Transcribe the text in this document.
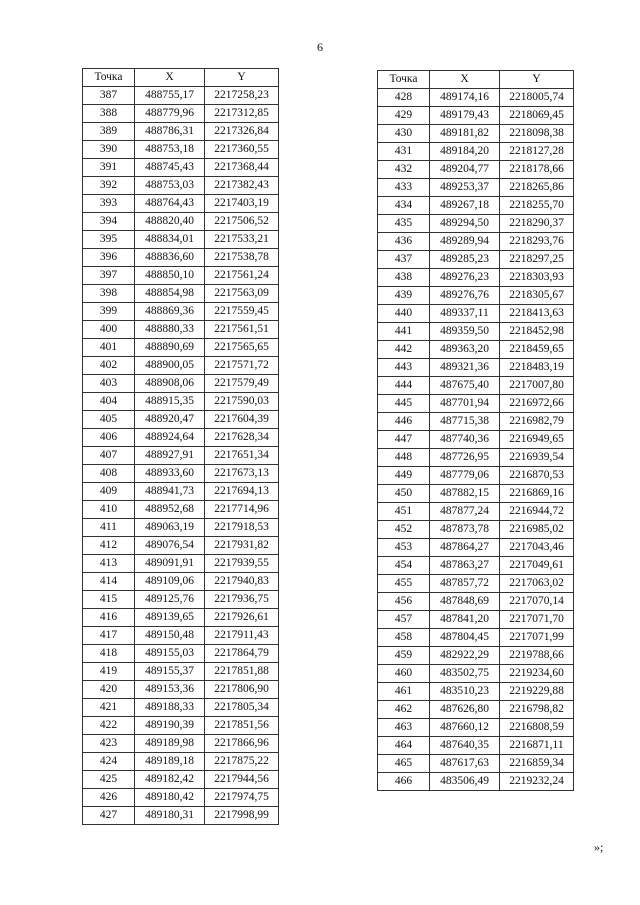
6
Точка	X	Y
387	488755,17	2217258,23
388	488779,96	2217312,85
389	488786,31	2217326,84
390	488753,18	2217360,55
391	488745,43	2217368,44
392	488753,03	2217382,43
393	488764,43	2217403,19
394	488820,40	2217506,52
395	488834,01	2217533,21
396	488836,60	2217538,78
397	488850,10	2217561,24
398	488854,98	2217563,09
399	488869,36	2217559,45
400	488880,33	2217561,51
401	488890,69	2217565,65
402	488900,05	2217571,72
403	488908,06	2217579,49
404	488915,35	2217590,03
405	488920,47	2217604,39
406	488924,64	2217628,34
407	488927,91	2217651,34
408	488933,60	2217673,13
409	488941,73	2217694,13
410	488952,68	2217714,96
411	489063,19	2217918,53
412	489076,54	2217931,82
413	489091,91	2217939,55
414	489109,06	2217940,83
415	489125,76	2217936,75
416	489139,65	2217926,61
417	489150,48	2217911,43
418	489155,03	2217864,79
419	489155,37	2217851,88
420	489153,36	2217806,90
421	489188,33	2217805,34
422	489190,39	2217851,56
423	489189,98	2217866,96
424	489189,18	2217875,22
425	489182,42	2217944,56
426	489180,42	2217974,75
427	489180,31	2217998,99
Точка	X	Y
428	489174,16	2218005,74
429	489179,43	2218069,45
430	489181,82	2218098,38
431	489184,20	2218127,28
432	489204,77	2218178,66
433	489253,37	2218265,86
434	489267,18	2218255,70
435	489294,50	2218290,37
436	489289,94	2218293,76
437	489285,23	2218297,25
438	489276,23	2218303,93
439	489276,76	2218305,67
440	489337,11	2218413,63
441	489359,50	2218452,98
442	489363,20	2218459,65
443	489321,36	2218483,19
444	487675,40	2217007,80
445	487701,94	2216972,66
446	487715,38	2216982,79
447	487740,36	2216949,65
448	487726,95	2216939,54
449	487779,06	2216870,53
450	487882,15	2216869,16
451	487877,24	2216944,72
452	487873,78	2216985,02
453	487864,27	2217043,46
454	487863,27	2217049,61
455	487857,72	2217063,02
456	487848,69	2217070,14
457	487841,20	2217071,70
458	487804,45	2217071,99
459	482922,29	2219788,66
460	483502,75	2219234,60
461	483510,23	2219229,88
462	487626,80	2216798,82
463	487660,12	2216808,59
464	487640,35	2216871,11
465	487617,63	2216859,34
466	483506,49	2219232,24
»;
